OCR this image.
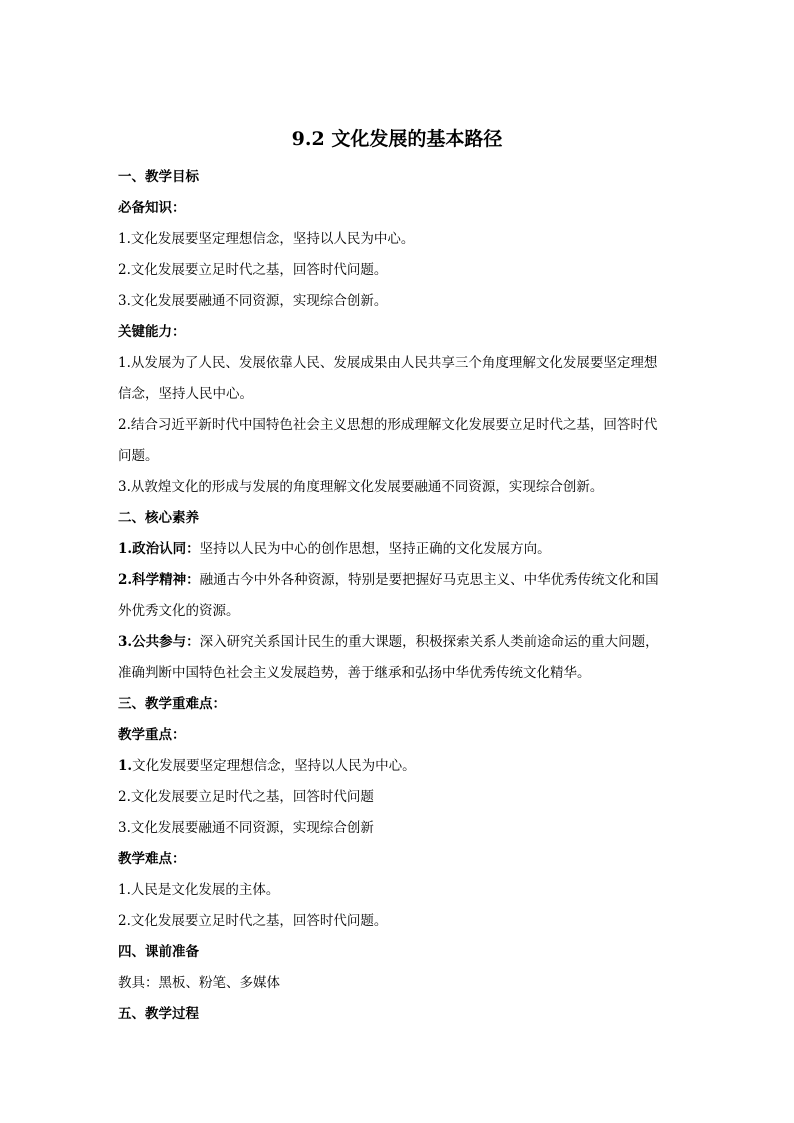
9.2 文化发展的基本路径
一、教学目标
必备知识：
1.文化发展要坚定理想信念，坚持以人民为中心。
2.文化发展要立足时代之基，回答时代问题。
3.文化发展要融通不同资源，实现综合创新。
关键能力：
1.从发展为了人民、发展依靠人民、发展成果由人民共享三个角度理解文化发展要坚定理想
信念，坚持人民中心。
2.结合习近平新时代中国特色社会主义思想的形成理解文化发展要立足时代之基，回答时代
问题。
3.从敦煌文化的形成与发展的角度理解文化发展要融通不同资源，实现综合创新。
二、核心素养
1.政治认同：坚持以人民为中心的创作思想，坚持正确的文化发展方向。
2.科学精神：融通古今中外各种资源，特别是要把握好马克思主义、中华优秀传统文化和国
外优秀文化的资源。
3.公共参与：深入研究关系国计民生的重大课题，积极探索关系人类前途命运的重大问题，
准确判断中国特色社会主义发展趋势，善于继承和弘扬中华优秀传统文化精华。
三、教学重难点：
教学重点：
1.文化发展要坚定理想信念，坚持以人民为中心。
2.文化发展要立足时代之基，回答时代问题
3.文化发展要融通不同资源，实现综合创新
教学难点：
1.人民是文化发展的主体。
2.文化发展要立足时代之基，回答时代问题。
四、课前准备
教具：黑板、粉笔、多媒体
五、教学过程
